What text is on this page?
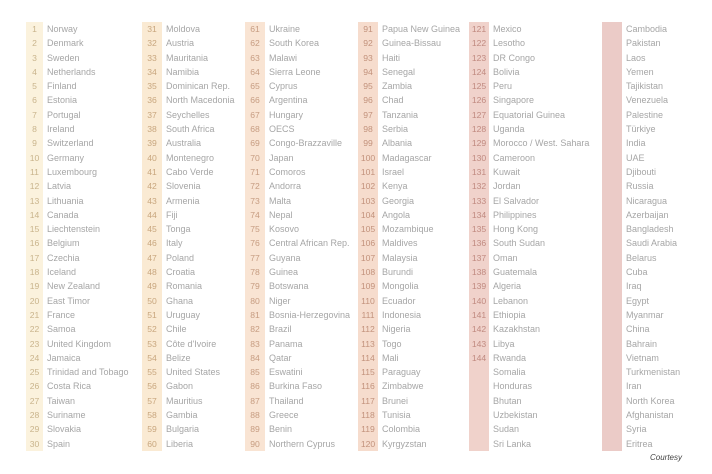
1	Norway
2	Denmark
3	Sweden
4	Netherlands
5	Finland
6	Estonia
7	Portugal
8	Ireland
9	Switzerland
10 Germany
11 Luxembourg
12 Latvia
13 Lithuania
14 Canada
15 Liechtenstein
16 Belgium
17 Czechia
18 Iceland
19 New Zealand
20 East Timor
21 France
22 Samoa
23 United Kingdom
24 Jamaica
25 Trinidad and Tobago
26 Costa Rica
27 Taiwan
28 Suriname
29 Slovakia
30 Spain
31	Moldova
32	Austria
33	Mauritania
34	Namibia
35	Dominican Rep.
36	North Macedonia
37	Seychelles
38	South Africa
39	Australia
40	Montenegro
41	Cabo Verde
42	Slovenia
43	Armenia
44	Fiji
45	Tonga
46	Italy
47	Poland
48	Croatia
49	Romania
50	Ghana
51	Uruguay
52	Chile
53	Côte d'Ivoire
54	Belize
55	United States
56	Gabon
57	Mauritius
58	Gambia
59	Bulgaria
60	Liberia
61	Ukraine
62	South Korea
63	Malawi
64	Sierra Leone
65	Cyprus
66	Argentina
67	Hungary
68	OECS
69	Congo-Brazzaville
70	Japan
71	Comoros
72	Andorra
73	Malta
74	Nepal
75	Kosovo
76	Central African Rep.
77	Guyana
78	Guinea
79	Botswana
80	Niger
81	Bosnia-Herzegovina
82	Brazil
83	Panama
84	Qatar
85	Eswatini
86	Burkina Faso
87	Thailand
88	Greece
89	Benin
90	Northern Cyprus
91	Papua New Guinea
92	Guinea-Bissau
93	Haiti
94	Senegal
95	Zambia
96	Chad
97	Tanzania
98	Serbia
99	Albania
100 Madagascar
101 Israel
102 Kenya
103 Georgia
104 Angola
105 Mozambique
106 Maldives
107 Malaysia
108 Burundi
109 Mongolia
110 Ecuador
111 Indonesia
112 Nigeria
113 Togo
114 Mali
115 Paraguay
116 Zimbabwe
117 Brunei
118 Tunisia
119 Colombia
120 Kyrgyzstan
121 Mexico
122 Lesotho
123 DR Congo
124 Bolivia
125 Peru
126 Singapore
127 Equatorial Guinea
128 Uganda
129 Morocco / West. Sahara
130 Cameroon
131 Kuwait
132 Jordan
133 El Salvador
134 Philippines
135 Hong Kong
136 South Sudan
137 Oman
138 Guatemala
139 Algeria
140 Lebanon
141 Ethiopia
142 Kazakhstan
143 Libya
144 Rwanda
Somalia
Honduras
Bhutan
Uzbekistan
Sudan
Sri Lanka
Cambodia
Pakistan
Laos
Yemen
Tajikistan
Venezuela
Palestine
Türkiye
India
UAE
Djibouti
Russia
Nicaragua
Azerbaijan
Bangladesh
Saudi Arabia
Belarus
Cuba
Iraq
Egypt
Myanmar
China
Bahrain
Vietnam
Turkmenistan
Iran
North Korea
Afghanistan
Syria
Eritrea
Courtesy
